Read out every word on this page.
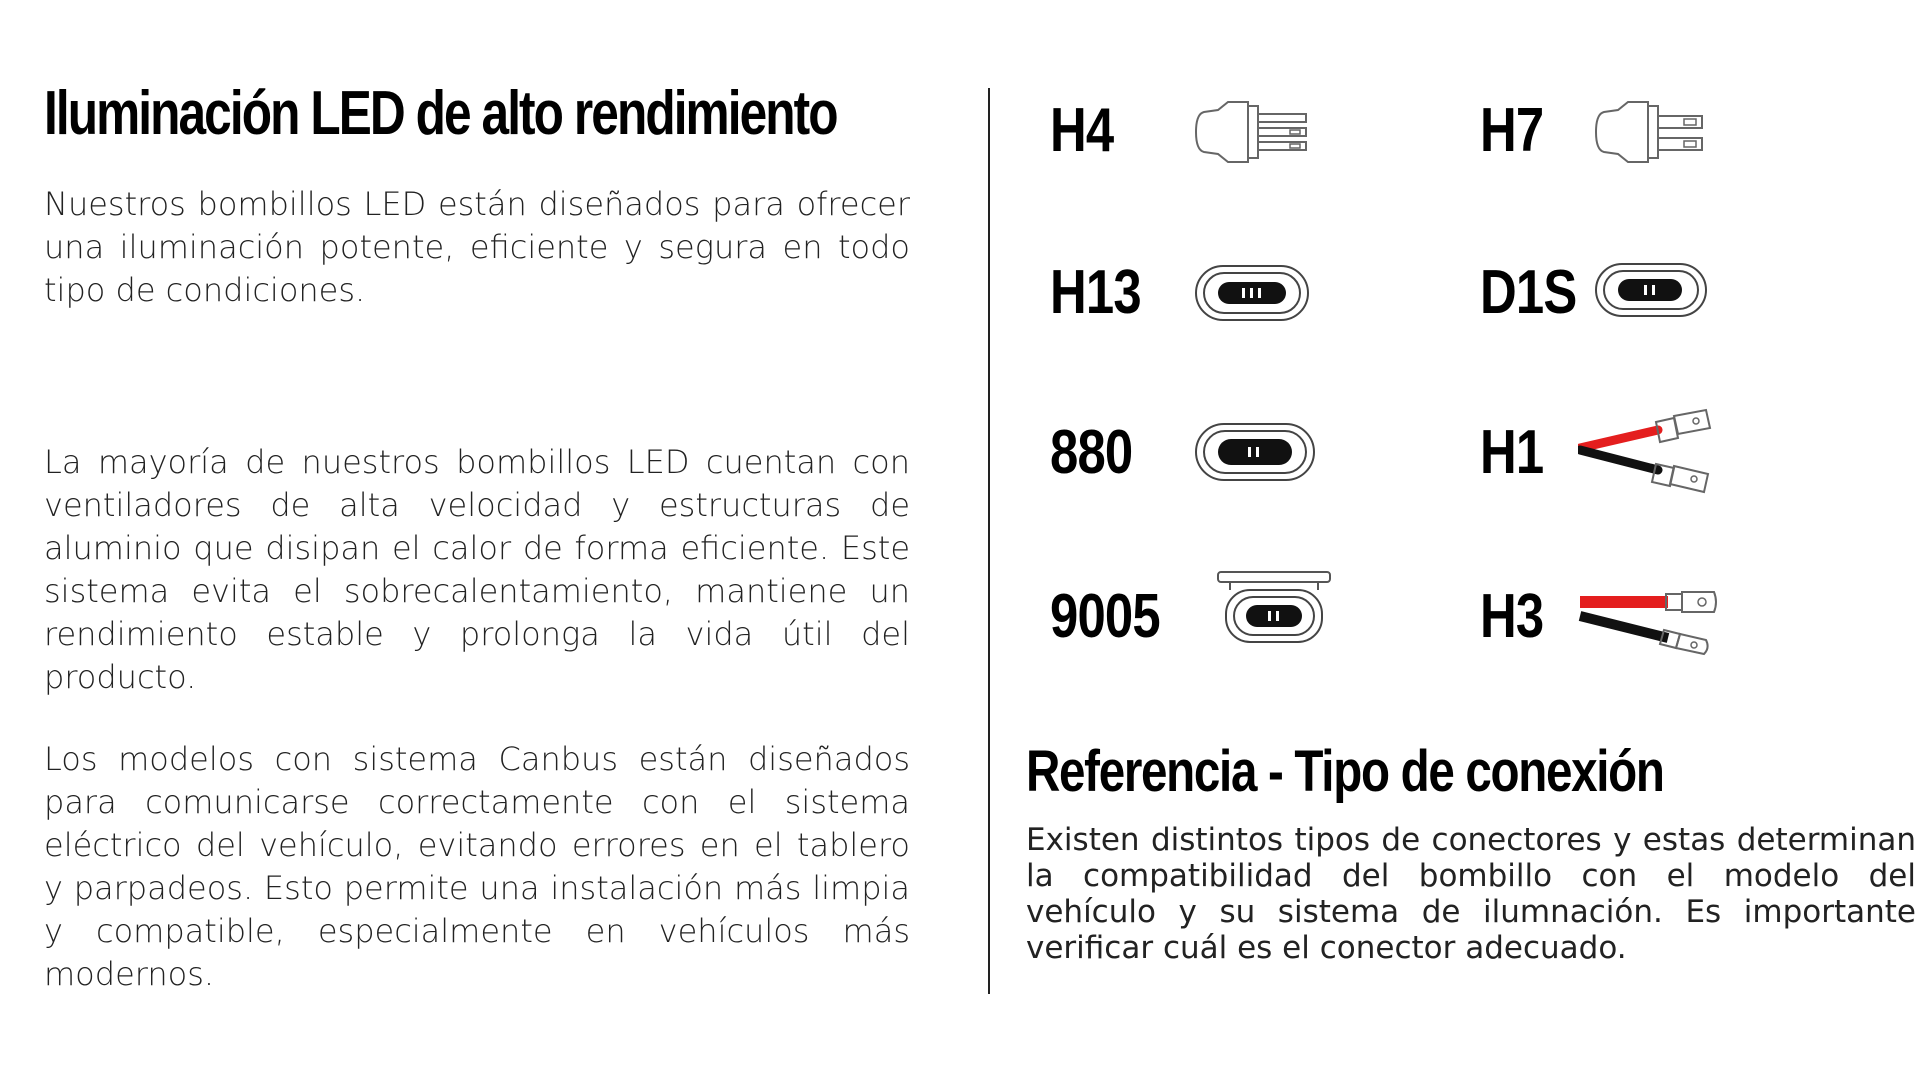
Iluminación LED de alto rendimiento

Nuestros bombillos LED están diseñados para ofrecer una iluminación potente, eficiente y segura en todo tipo de condiciones.

La mayoría de nuestros bombillos LED cuentan con ventiladores de alta velocidad y estructuras de aluminio que disipan el calor de forma eficiente. Este sistema evita el sobrecalentamiento, mantiene un rendimiento estable y prolonga la vida útil del producto.

Los modelos con sistema Canbus están diseñados para comunicarse correctamente con el sistema eléctrico del vehículo, evitando errores en el tablero y parpadeos. Esto permite una instalación más limpia y compatible, especialmente en vehículos más modernos.

H4	H7
H13	D1S
880	H1
9005	H3
Referencia - Tipo de conexión

Existen distintos tipos de conectores y estas determinan la compatibilidad del bombillo con el modelo del vehículo y su sistema de ilumnación. Es importante verificar cuál es el conector adecuado.
